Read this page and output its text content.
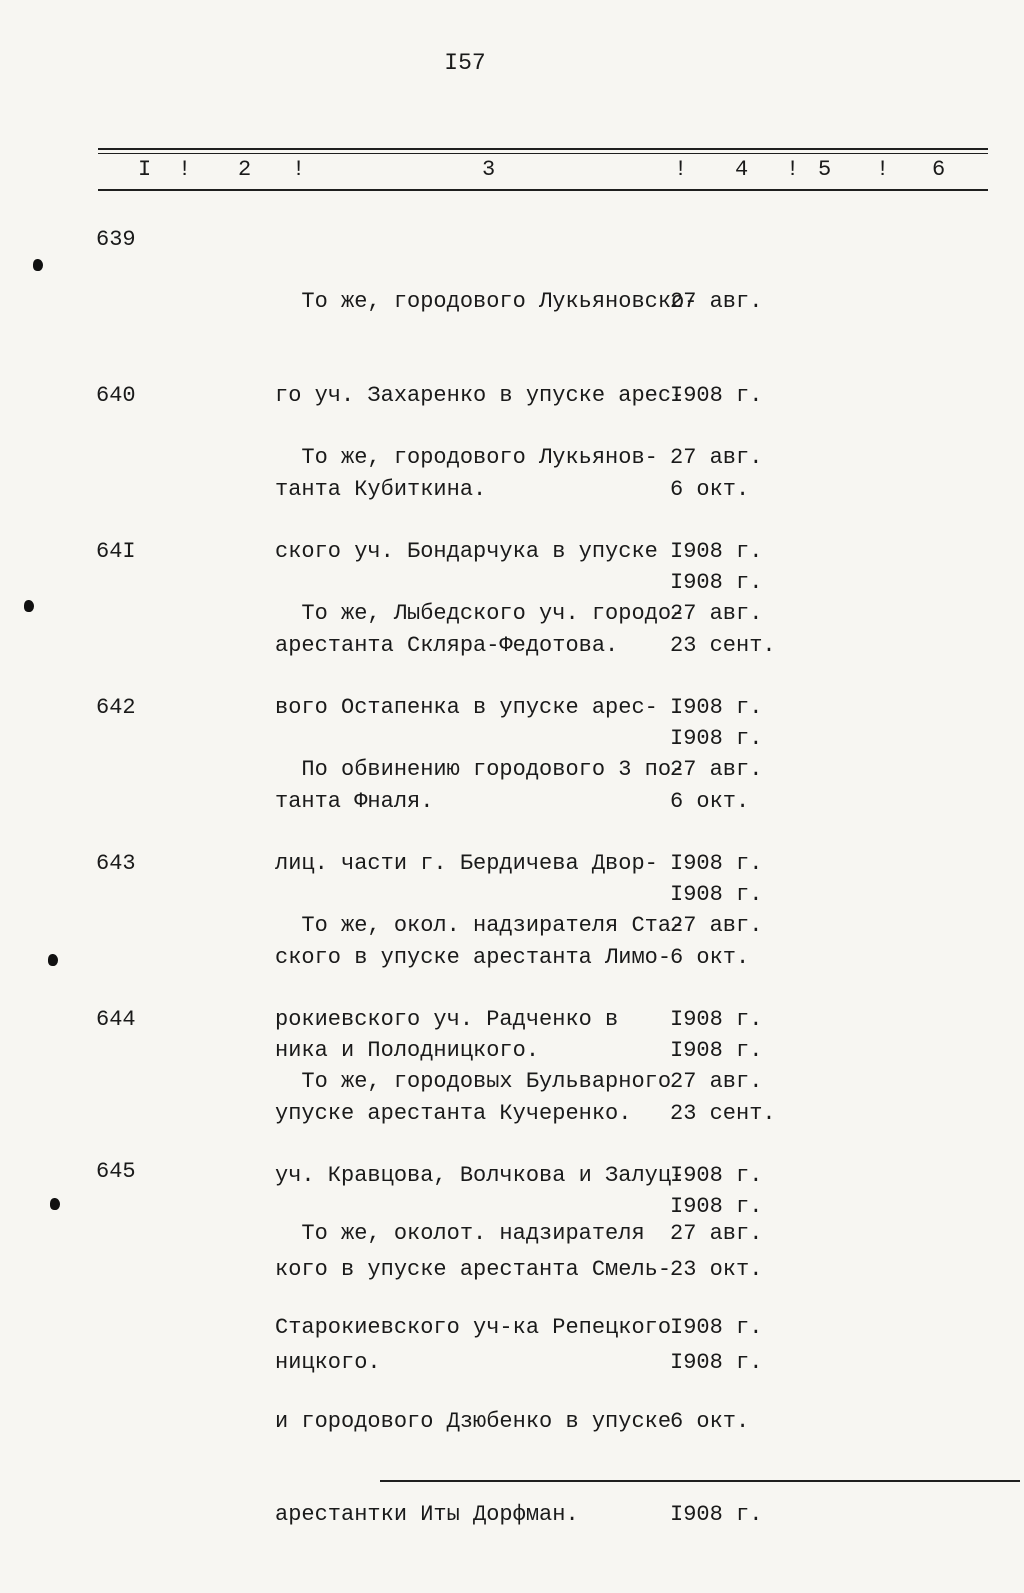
I57
I ! 2 !	3	! 4 ! 5 ! 6
639

То же, городового Лукьяновско-

го уч. Захаренко в упуске арес-

танта Кубиткина.

27 авг.

I908 г.

6 окт.

I908 г.

640

То же, городового Лукьянов-

ского уч. Бондарчука в упуске

арестанта Скляра-Федотова.

27 авг.

I908 г.

23 сент.

I908 г.

64I

То же, Лыбедского уч. городо-

вого Остапенка в упуске арес-

танта Фналя.

27 авг.

I908 г.

6 окт.

I908 г.

642

По обвинению городового 3 по-

лиц. части г. Бердичева Двор-

ского в упуске арестанта Лимо-

ника и Полодницкого.

27 авг.

I908 г.

6 окт.

I908 г.

643

То же, окол. надзирателя Ста-

рокиевского уч. Радченко в

упуске арестанта Кучеренко.

27 авг.

I908 г.

23 сент.

I908 г.

644

То же, городовых Бульварного

уч. Кравцова, Волчкова и Залуц-

кого в упуске арестанта Смель-

ницкого.

27 авг.

I908 г.

23 окт.

I908 г.

645

То же, околот. надзирателя

Старокиевского уч-ка Репецкого

и городового Дзюбенко в упуске

арестантки Иты Дорфман.

27 авг.

I908 г.

6 окт.

I908 г.
